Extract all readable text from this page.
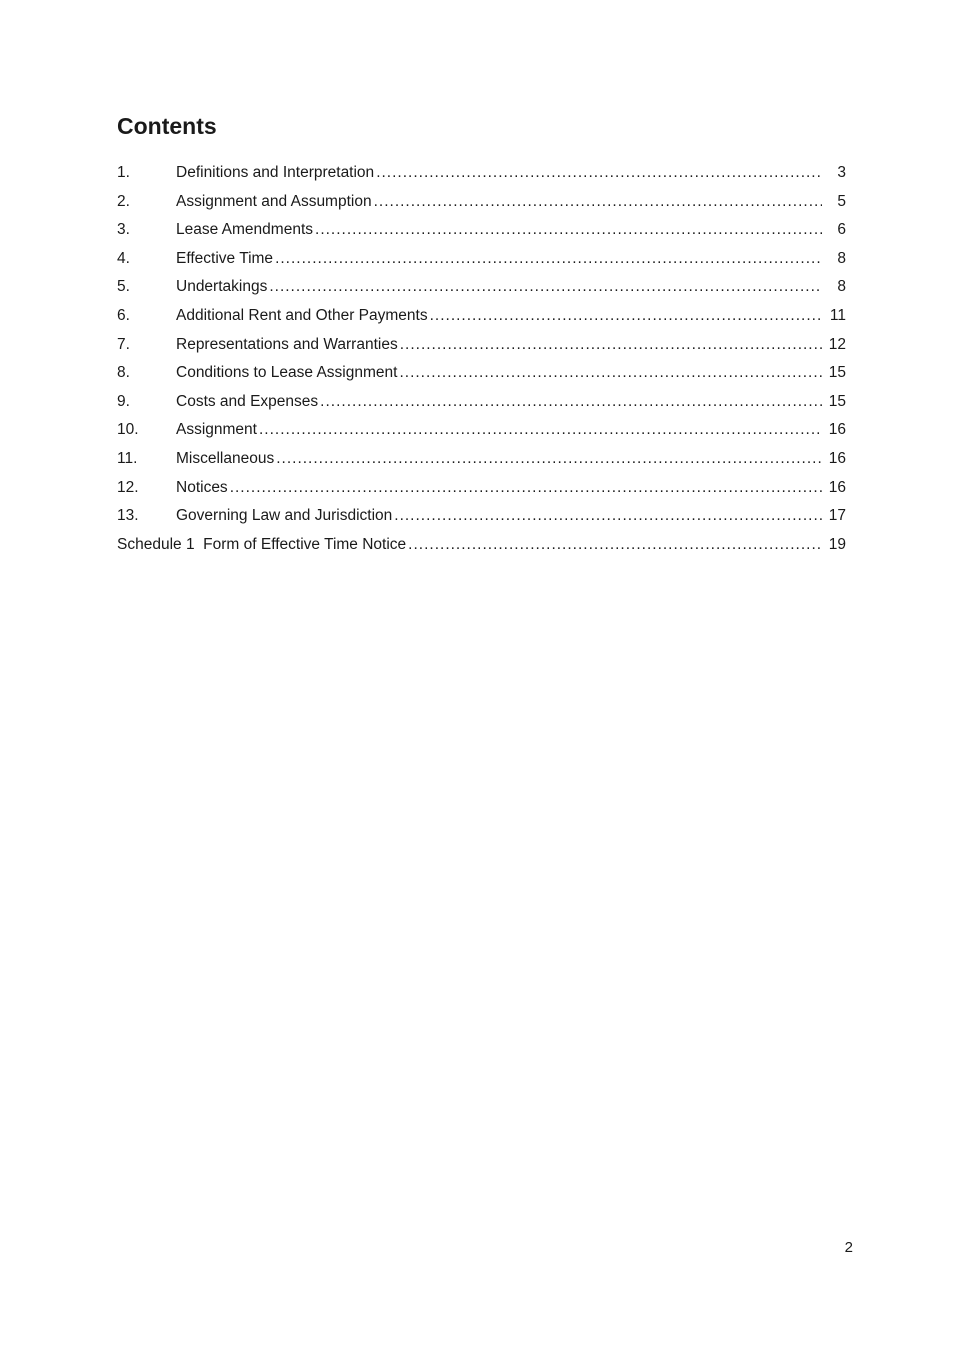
Contents
1.	Definitions and Interpretation .....	3
2.	Assignment and Assumption .....	5
3.	Lease Amendments .....	6
4.	Effective Time .....	8
5.	Undertakings .....	8
6.	Additional Rent and Other Payments .....	11
7.	Representations and Warranties .....	12
8.	Conditions to Lease Assignment .....	15
9.	Costs and Expenses .....	15
10.	Assignment .....	16
11.	Miscellaneous .....	16
12.	Notices .....	16
13.	Governing Law and Jurisdiction .....	17
Schedule 1  Form of Effective Time Notice .....	19
2
